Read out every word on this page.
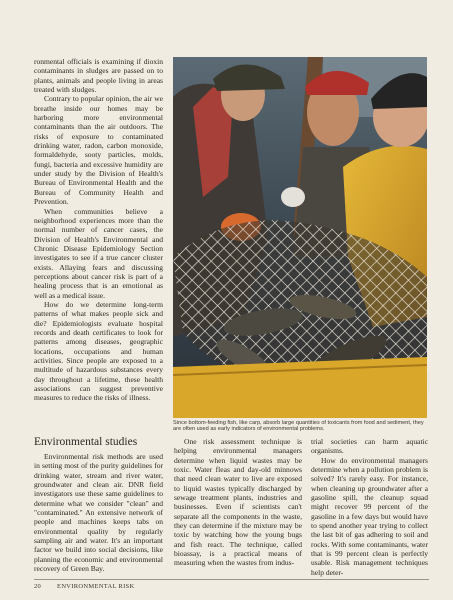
ronmental officials is examining if dioxin contaminants in sludges are passed on to plants, animals and people living in areas treated with sludges.

Contrary to popular opinion, the air we breathe inside our homes may be harboring more environmental contaminants than the air outdoors. The risks of exposure to contaminated drinking water, radon, carbon monoxide, formaldehyde, sooty particles, molds, fungi, bacteria and excessive humidity are under study by the Division of Health's Bureau of Environmental Health and the Bureau of Community Health and Prevention.

When communities believe a neighborhood experiences more than the normal number of cancer cases, the Division of Health's Environmental and Chronic Disease Epidemiology Section investigates to see if a true cancer cluster exists. Allaying fears and discussing perceptions about cancer risk is part of a healing process that is an emotional as well as a medical issue.

How do we determine long-term patterns of what makes people sick and die? Epidemiologists evaluate hospital records and death certificates to look for patterns among diseases, geographic locations, occupations and human activities. Since people are exposed to a multitude of hazardous substances every day throughout a lifetime, these health associations can suggest preventive measures to reduce the risks of illness.

Environmental studies

Environmental risk methods are used in setting most of the purity guidelines for drinking water, stream and river water, groundwater and clean air. DNR field investigators use these same guidelines to determine what we consider "clean" and "contaminated." An extensive network of people and machines keeps tabs on environmental quality by regularly sampling air and water. It's an important factor we build into social decisions, like planning the economic and environmental recovery of Green Bay.

Dean Tvedt
Since bottom-feeding fish, like carp, absorb large quantities of toxicants from food and sediment, they are often used as early indicators of environmental problems.

One risk assessment technique is helping environmental managers determine when liquid wastes may be toxic. Water fleas and day-old minnows that need clean water to live are exposed to liquid wastes typically discharged by sewage treatment plants, industries and businesses. Even if scientists can't separate all the components in the waste, they can determine if the mixture may be toxic by watching how the young bugs and fish react. The technique, called bioassay, is a practical means of measuring when the wastes from indus-

trial societies can harm aquatic organisms.

How do environmental managers determine when a pollution problem is solved? It's rarely easy. For instance, when cleaning up groundwater after a gasoline spill, the cleanup squad might recover 99 percent of the gasoline in a few days but would have to spend another year trying to collect the last bit of gas adhering to soil and rocks. With some contaminants, water that is 99 percent clean is perfectly usable. Risk management techniques help deter-

20 ENVIRONMENTAL RISK
